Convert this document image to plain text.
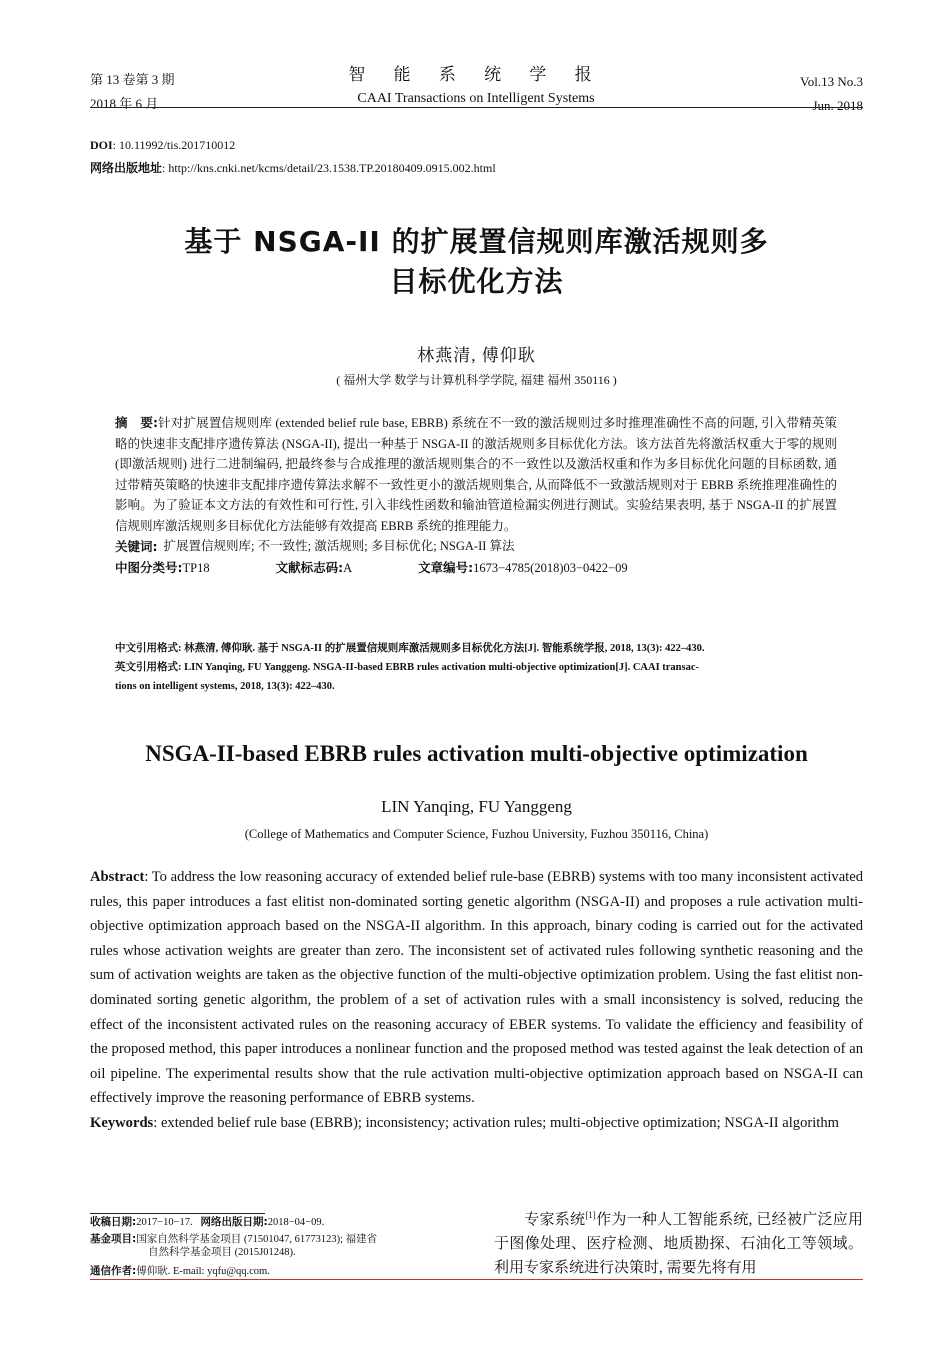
第 13 卷第 3 期
2018 年 6 月
智 能 系 统 学 报
CAAI Transactions on Intelligent Systems
Vol.13 No.3
Jun. 2018
DOI: 10.11992/tis.201710012
网络出版地址: http://kns.cnki.net/kcms/detail/23.1538.TP.20180409.0915.002.html
基于 NSGA-II 的扩展置信规则库激活规则多
目标优化方法
林燕清, 傅仰耿
( 福州大学 数学与计算机科学学院, 福建 福州 350116 )
摘　要:针对扩展置信规则库 (extended belief rule base, EBRB) 系统在不一致的激活规则过多时推理准确性不高的问题, 引入带精英策略的快速非支配排序遗传算法 (NSGA-II), 提出一种基于 NSGA-II 的激活规则多目标优化方法。该方法首先将激活权重大于零的规则 (即激活规则) 进行二进制编码, 把最终参与合成推理的激活规则集合的不一致性以及激活权重和作为多目标优化问题的目标函数, 通过带精英策略的快速非支配排序遗传算法求解不一致性更小的激活规则集合, 从而降低不一致激活规则对于 EBRB 系统推理准确性的影响。为了验证本文方法的有效性和可行性, 引入非线性函数和输油管道检漏实例进行测试。实验结果表明, 基于 NSGA-II 的扩展置信规则库激活规则多目标优化方法能够有效提高 EBRB 系统的推理能力。
关键词: 扩展置信规则库; 不一致性; 激活规则; 多目标优化; NSGA-II 算法
中图分类号:TP18	文献标志码:A	文章编号:1673−4785(2018)03−0422−09
中文引用格式: 林燕清, 傅仰耿. 基于 NSGA-II 的扩展置信规则库激活规则多目标优化方法[J]. 智能系统学报, 2018, 13(3): 422–430.
英文引用格式: LIN Yanqing, FU Yanggeng. NSGA-II-based EBRB rules activation multi-objective optimization[J]. CAAI transac-
tions on intelligent systems, 2018, 13(3): 422–430.
NSGA-II-based EBRB rules activation multi-objective optimization
LIN Yanqing, FU Yanggeng
(College of Mathematics and Computer Science, Fuzhou University, Fuzhou 350116, China)
Abstract: To address the low reasoning accuracy of extended belief rule-base (EBRB) systems with too many inconsistent activated rules, this paper introduces a fast elitist non-dominated sorting genetic algorithm (NSGA-II) and proposes a rule activation multi-objective optimization approach based on the NSGA-II algorithm. In this approach, binary coding is carried out for the activated rules whose activation weights are greater than zero. The inconsistent set of activated rules following synthetic reasoning and the sum of activation weights are taken as the objective function of the multi-objective optimization problem. Using the fast elitist non-dominated sorting genetic algorithm, the problem of a set of activation rules with a small inconsistency is solved, reducing the effect of the inconsistent activated rules on the reasoning accuracy of EBER systems. To validate the efficiency and feasibility of the proposed method, this paper introduces a nonlinear function and the proposed method was tested against the leak detection of an oil pipeline. The experimental results show that the rule activation multi-objective optimization approach based on NSGA-II can effectively improve the reasoning performance of EBRB systems.
Keywords: extended belief rule base (EBRB); inconsistency; activation rules; multi-objective optimization; NSGA-II algorithm
收稿日期:2017−10−17. 网络出版日期:2018−04−09.
基金项目:国家自然科学基金项目 (71501047, 61773123); 福建省
自然科学基金项目 (2015J01248).
通信作者:傅仰耿. E-mail: yqfu@qq.com.
专家系统[1]作为一种人工智能系统, 已经被广泛应用于图像处理、医疗检测、地质勘探、石油化工等领域。利用专家系统进行决策时, 需要先将有用
